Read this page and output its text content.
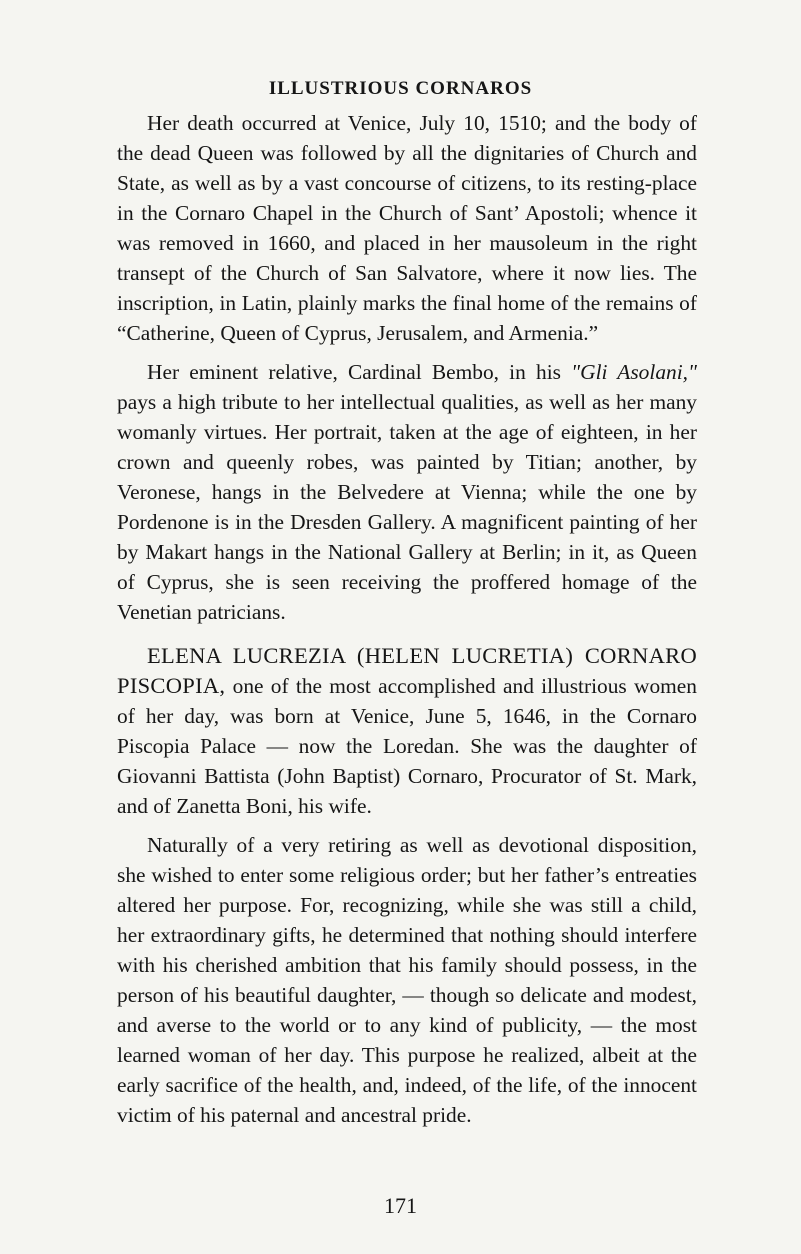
ILLUSTRIOUS CORNAROS

Her death occurred at Venice, July 10, 1510; and the body of the dead Queen was followed by all the dignitaries of Church and State, as well as by a vast concourse of citizens, to its resting-place in the Cornaro Chapel in the Church of Sant’ Apostoli; whence it was removed in 1660, and placed in her mausoleum in the right transept of the Church of San Salvatore, where it now lies. The inscription, in Latin, plainly marks the final home of the remains of “Catherine, Queen of Cyprus, Jerusalem, and Armenia.”

Her eminent relative, Cardinal Bembo, in his "Gli Asolani," pays a high tribute to her intellectual qualities, as well as her many womanly virtues. Her portrait, taken at the age of eighteen, in her crown and queenly robes, was painted by Titian; another, by Veronese, hangs in the Belvedere at Vienna; while the one by Pordenone is in the Dresden Gallery. A magnificent painting of her by Makart hangs in the National Gallery at Berlin; in it, as Queen of Cyprus, she is seen receiving the proffered homage of the Venetian patricians.

ELENA LUCREZIA (HELEN LUCRETIA) CORNARO PISCOPIA, one of the most accomplished and illustrious women of her day, was born at Venice, June 5, 1646, in the Cornaro Piscopia Palace — now the Loredan. She was the daughter of Giovanni Battista (John Baptist) Cornaro, Procurator of St. Mark, and of Zanetta Boni, his wife.

Naturally of a very retiring as well as devotional disposition, she wished to enter some religious order; but her father’s entreaties altered her purpose. For, recognizing, while she was still a child, her extraordinary gifts, he determined that nothing should interfere with his cherished ambition that his family should possess, in the person of his beautiful daughter, — though so delicate and modest, and averse to the world or to any kind of publicity, — the most learned woman of her day. This purpose he realized, albeit at the early sacrifice of the health, and, indeed, of the life, of the innocent victim of his paternal and ancestral pride.

171
